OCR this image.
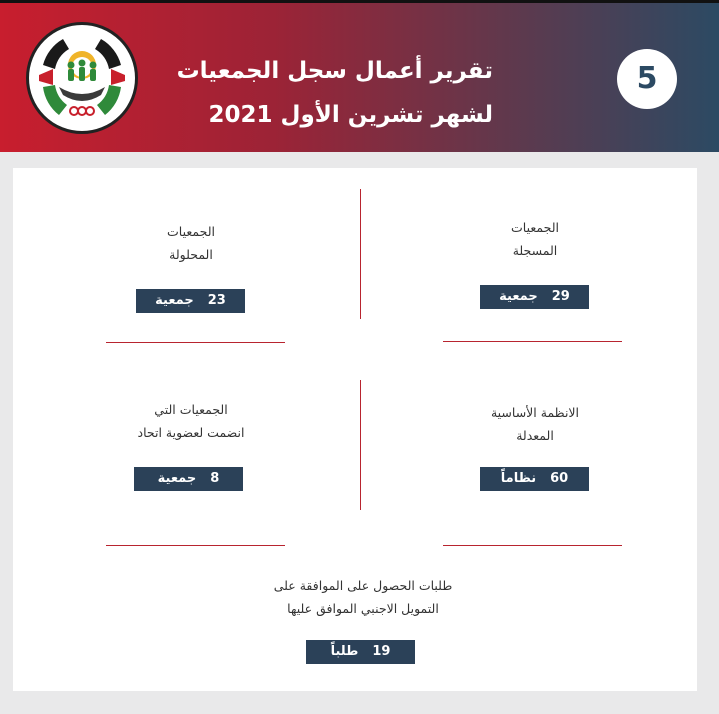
تقرير أعمال سجل الجمعيات
لشهر تشرين الأول 2021
5
الجمعيات
المسجلة
29جمعية
الجمعيات
المحلولة
23جمعية
الانظمة الأساسية
المعدلة
60نظاماً
الجمعيات التي
انضمت لعضوية اتحاد
8جمعية
طلبات الحصول على الموافقة على
التمويل الاجنبي الموافق عليها
19طلباً
